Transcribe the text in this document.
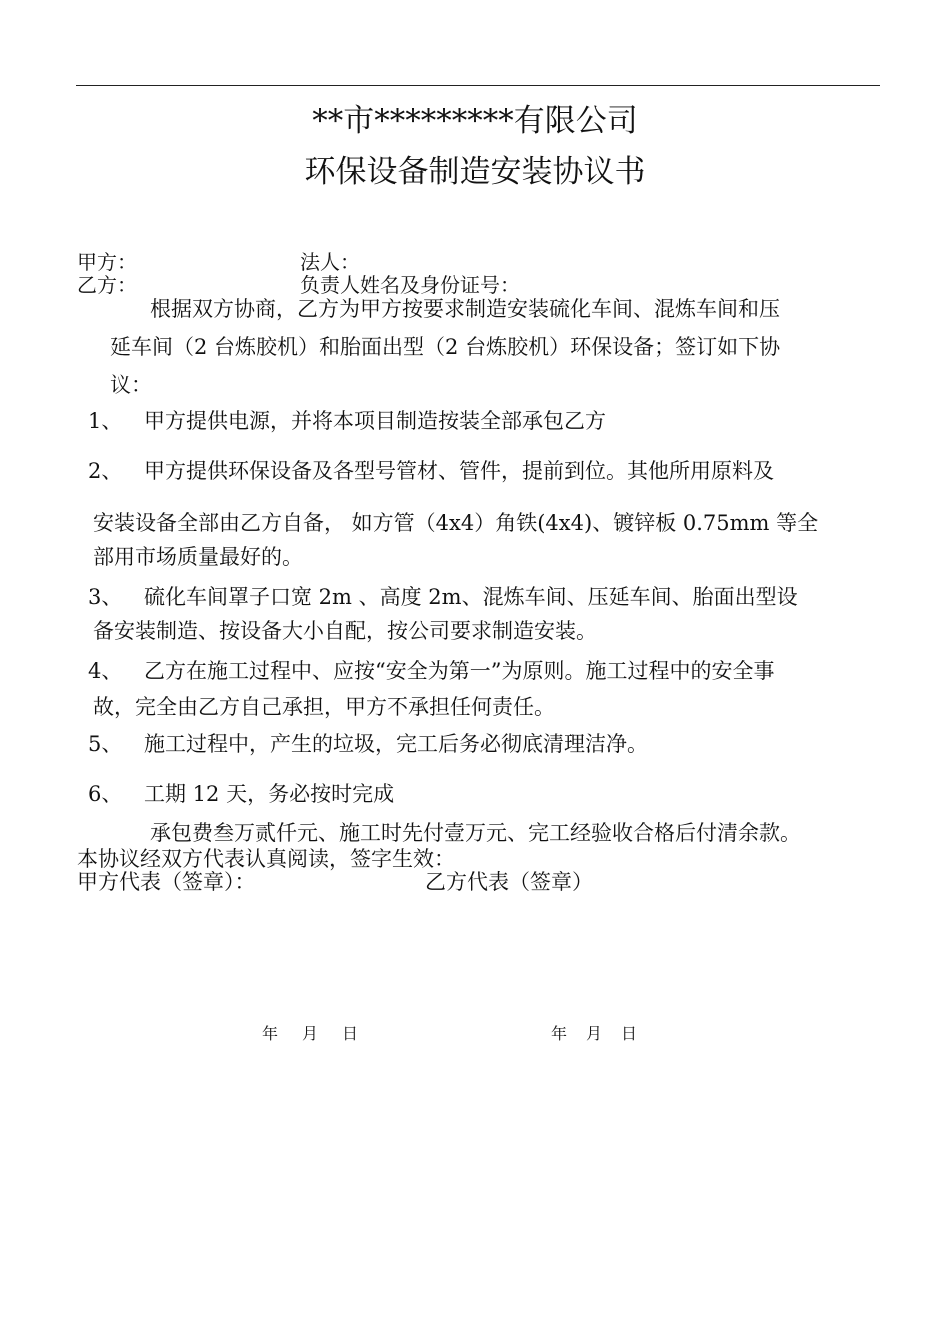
**市*********有限公司
环保设备制造安装协议书
甲方：	法人：
乙方：	负责人姓名及身份证号：
根据双方协商，乙方为甲方按要求制造安装硫化车间、混炼车间和压
延车间（2 台炼胶机）和胎面出型（2 台炼胶机）环保设备；签订如下协
议：
1、 甲方提供电源，并将本项目制造按装全部承包乙方
2、 甲方提供环保设备及各型号管材、管件，提前到位。其他所用原料及
安装设备全部由乙方自备， 如方管（4x4）角铁(4x4)、镀锌板 0.75mm 等全
部用市场质量最好的。
3、 硫化车间罩子口宽 2m 、高度 2m、混炼车间、压延车间、胎面出型设
备安装制造、按设备大小自配，按公司要求制造安装。
4、 乙方在施工过程中、应按“安全为第一”为原则。施工过程中的安全事
故，完全由乙方自己承担，甲方不承担任何责任。
5、 施工过程中，产生的垃圾，完工后务必彻底清理洁净。
6、 工期 12 天，务必按时完成
承包费叁万贰仟元、施工时先付壹万元、完工经验收合格后付清余款。
本协议经双方代表认真阅读，签字生效：
甲方代表（签章）：	乙方代表（签章）
年 月 日	年 月 日
